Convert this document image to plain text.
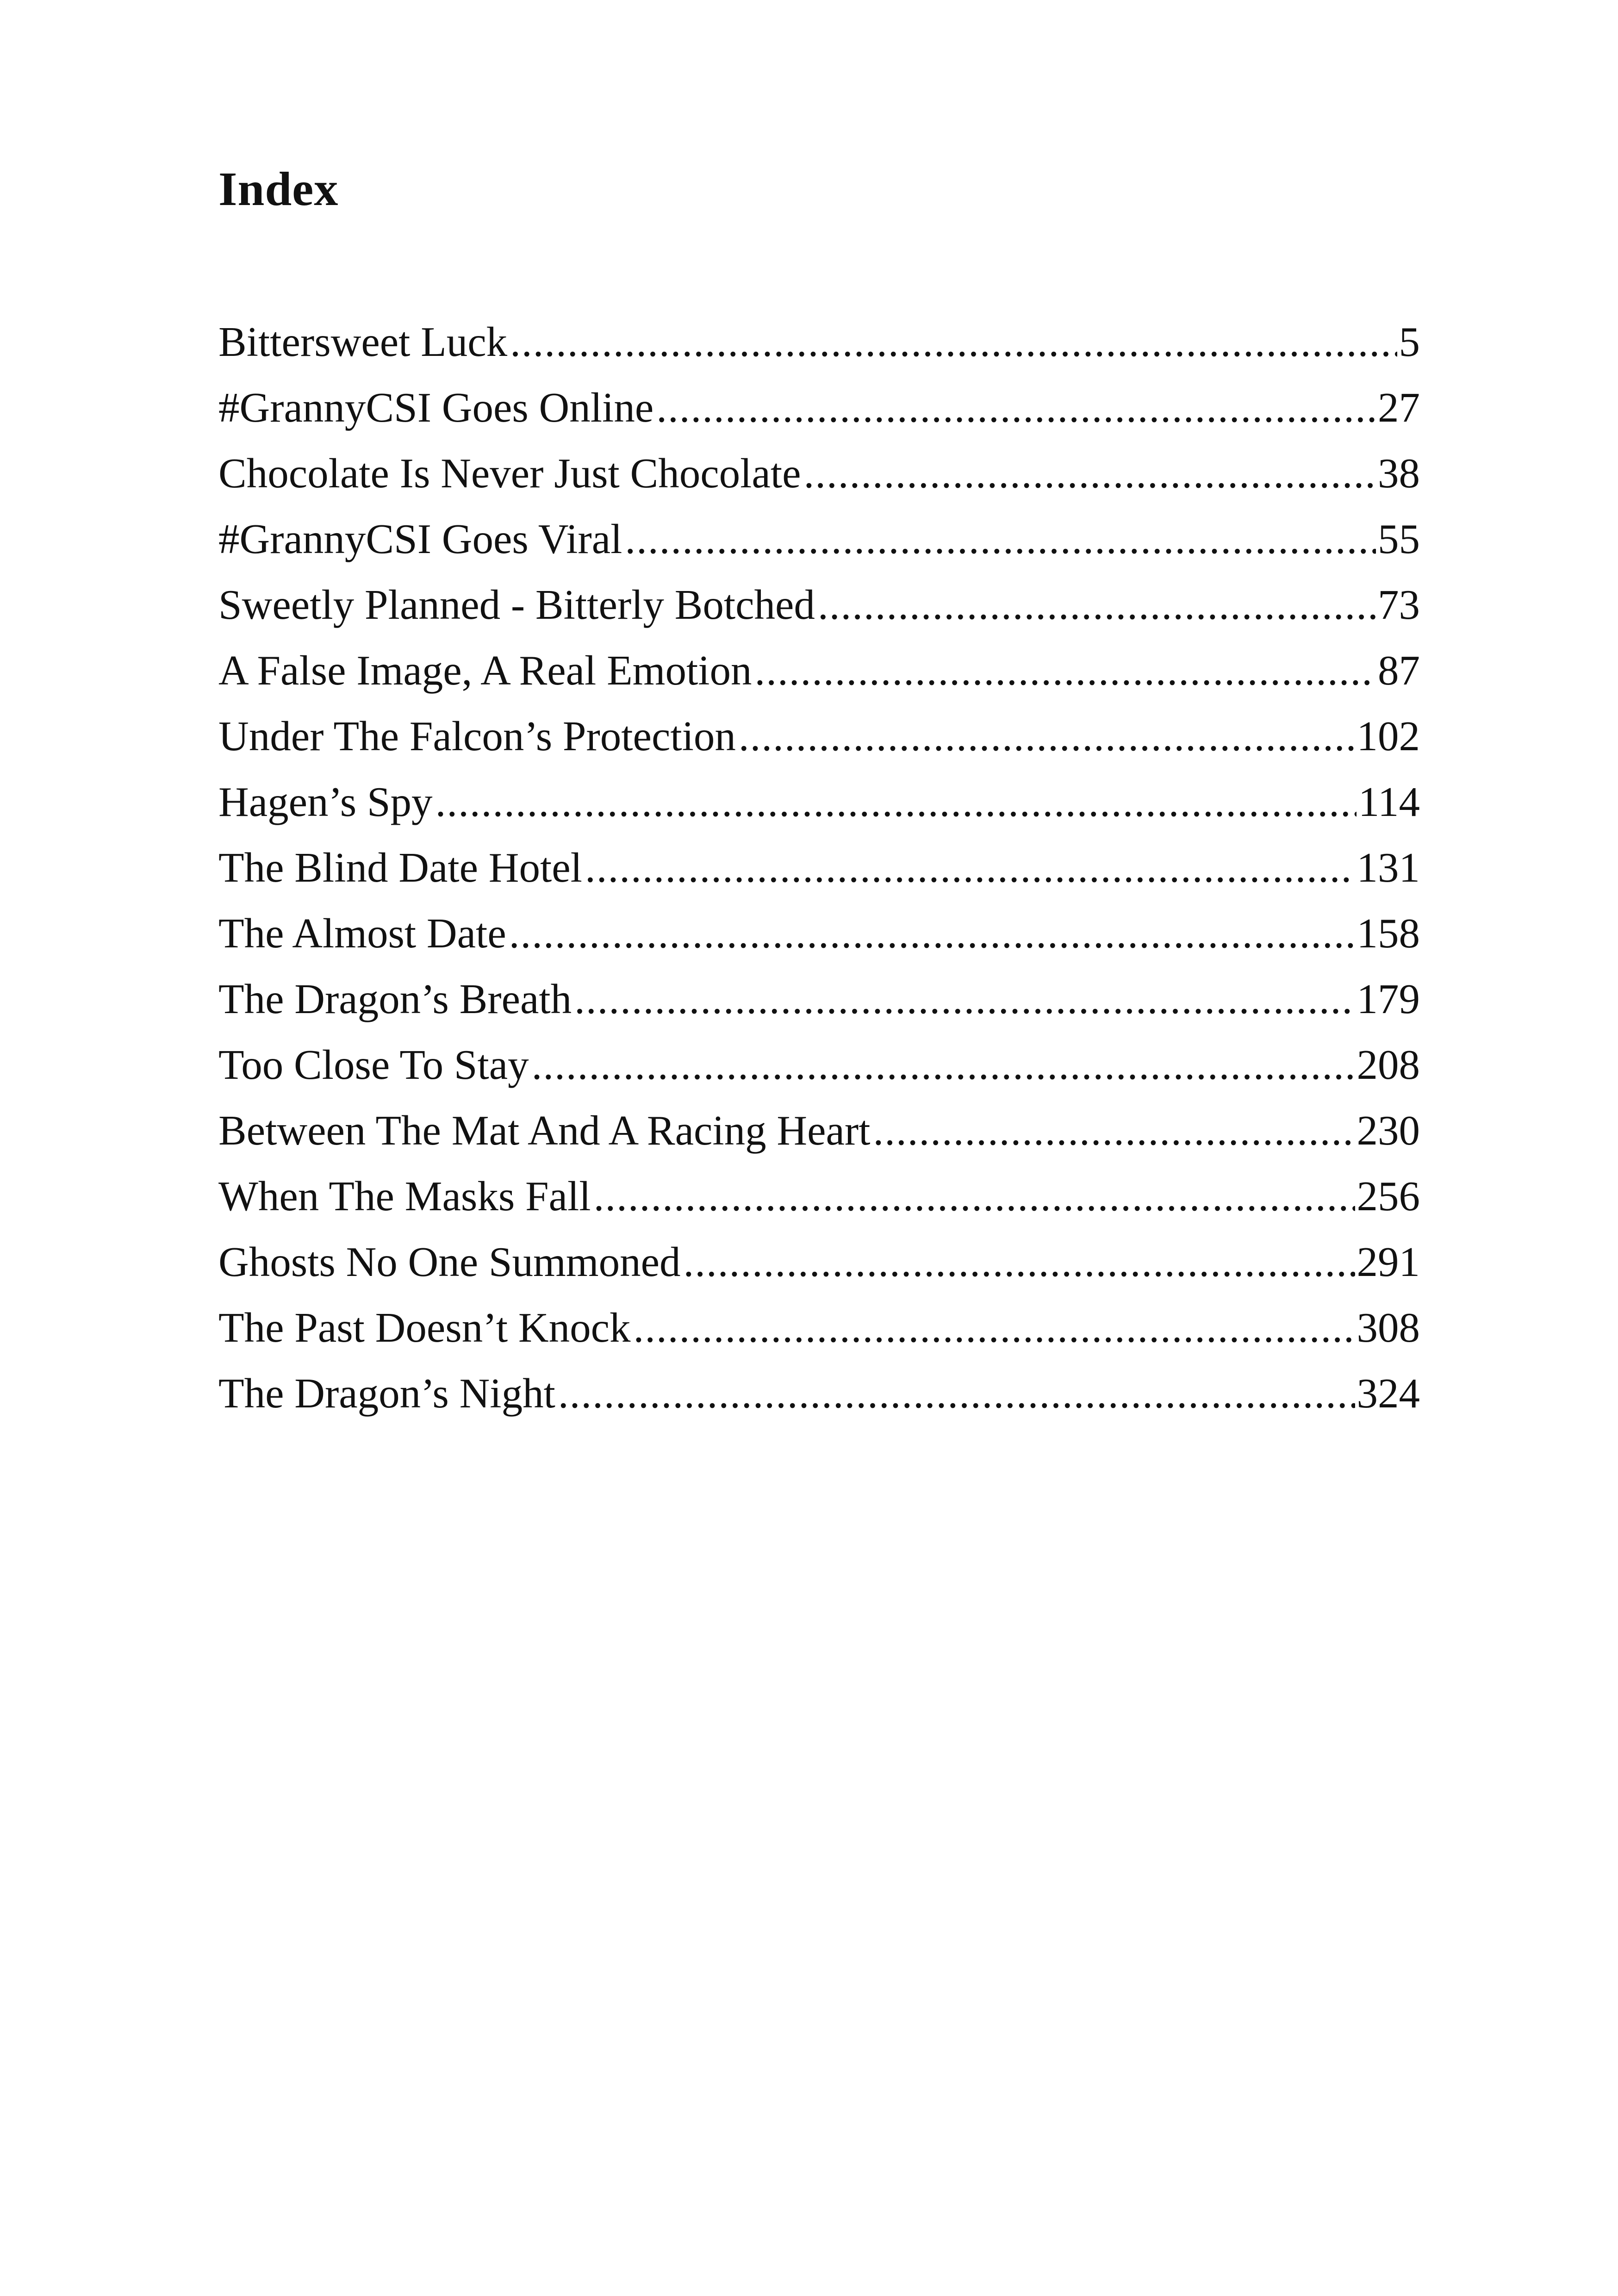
Index
Bittersweet Luck .....	5
#GrannyCSI Goes Online .....	27
Chocolate Is Never Just Chocolate .....	38
#GrannyCSI Goes Viral .....	55
Sweetly Planned - Bitterly Botched .....	73
A False Image, A Real Emotion .....	87
Under The Falcon’s Protection .....	102
Hagen’s Spy .....	114
The Blind Date Hotel .....	131
The Almost Date .....	158
The Dragon’s Breath .....	179
Too Close To Stay .....	208
Between The Mat And A Racing Heart .....	230
When The Masks Fall .....	256
Ghosts No One Summoned .....	291
The Past Doesn’t Knock .....	308
The Dragon’s Night .....	324
